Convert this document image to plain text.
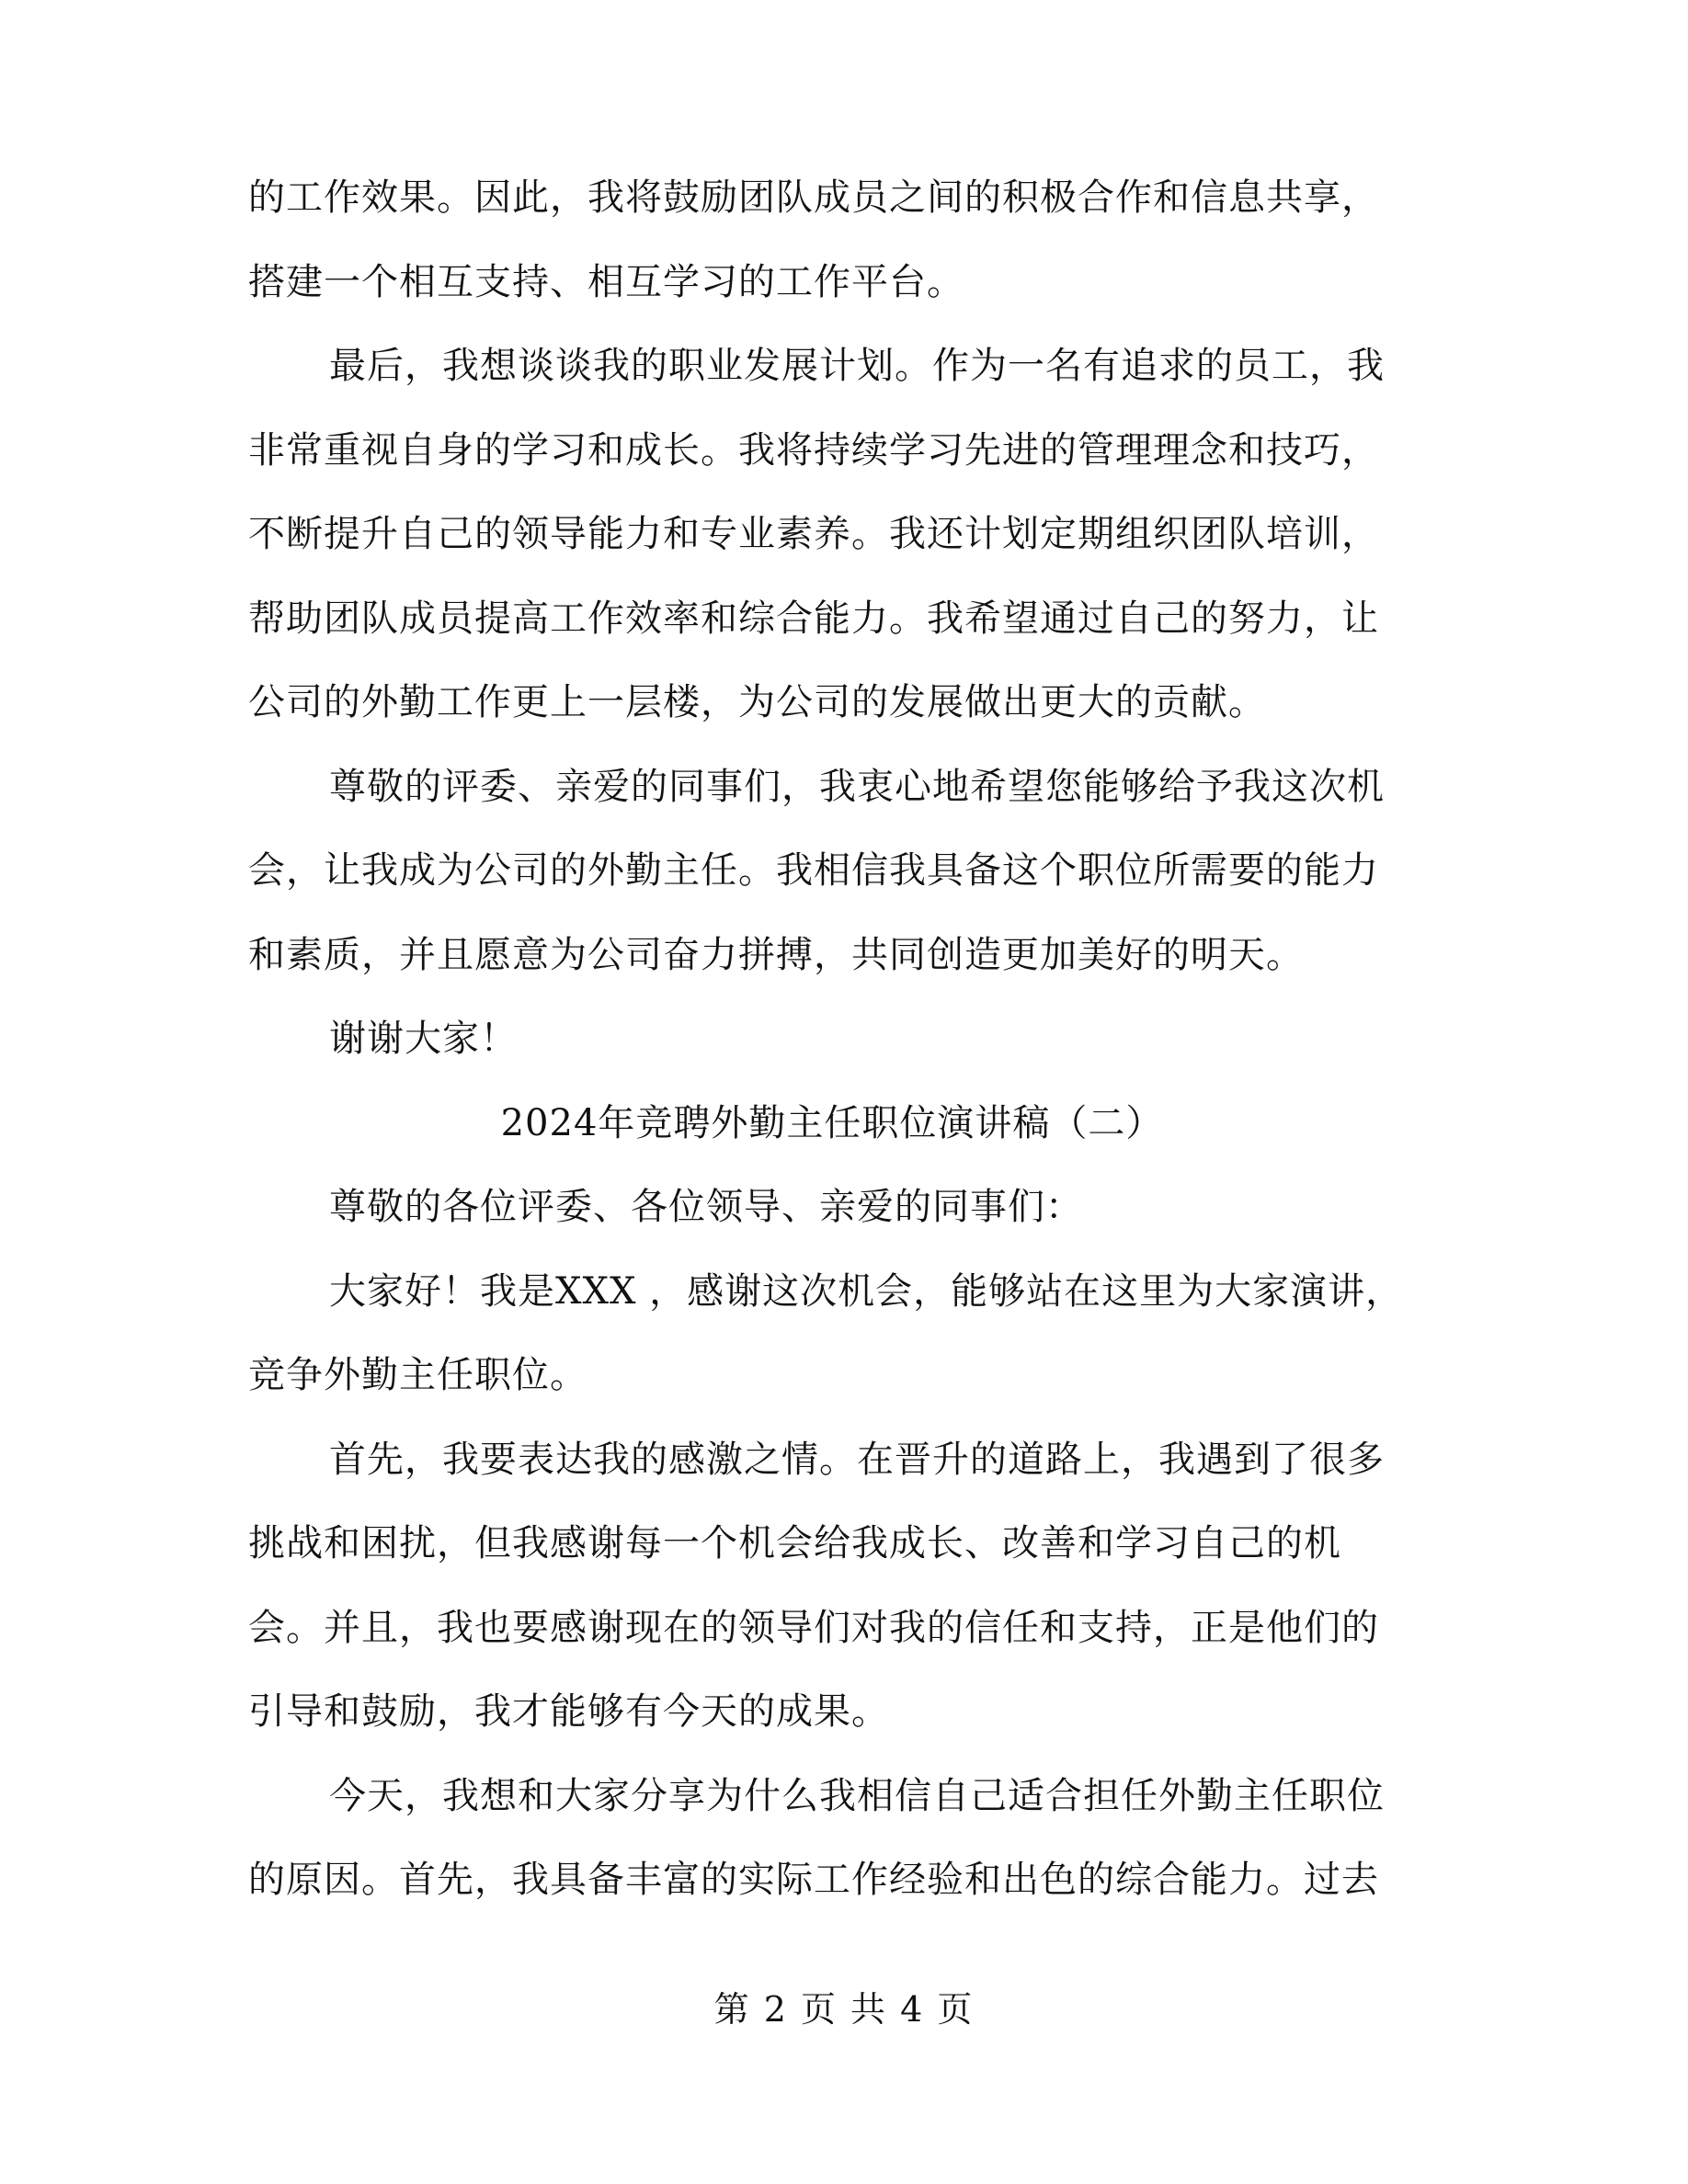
的工作效果。因此，我将鼓励团队成员之间的积极合作和信息共享，
搭建一个相互支持、相互学习的工作平台。
最后，我想谈谈我的职业发展计划。作为一名有追求的员工，我
非常重视自身的学习和成长。我将持续学习先进的管理理念和技巧，
不断提升自己的领导能力和专业素养。我还计划定期组织团队培训，
帮助团队成员提高工作效率和综合能力。我希望通过自己的努力，让
公司的外勤工作更上一层楼，为公司的发展做出更大的贡献。
尊敬的评委、亲爱的同事们，我衷心地希望您能够给予我这次机
会，让我成为公司的外勤主任。我相信我具备这个职位所需要的能力
和素质，并且愿意为公司奋力拼搏，共同创造更加美好的明天。
谢谢大家！
2024年竞聘外勤主任职位演讲稿（二）
尊敬的各位评委、各位领导、亲爱的同事们：
大家好！我是XXX ，感谢这次机会，能够站在这里为大家演讲，
竞争外勤主任职位。
首先，我要表达我的感激之情。在晋升的道路上，我遇到了很多
挑战和困扰，但我感谢每一个机会给我成长、改善和学习自己的机
会。并且，我也要感谢现在的领导们对我的信任和支持，正是他们的
引导和鼓励，我才能够有今天的成果。
今天，我想和大家分享为什么我相信自己适合担任外勤主任职位
的原因。首先，我具备丰富的实际工作经验和出色的综合能力。过去
第 2 页 共 4 页
